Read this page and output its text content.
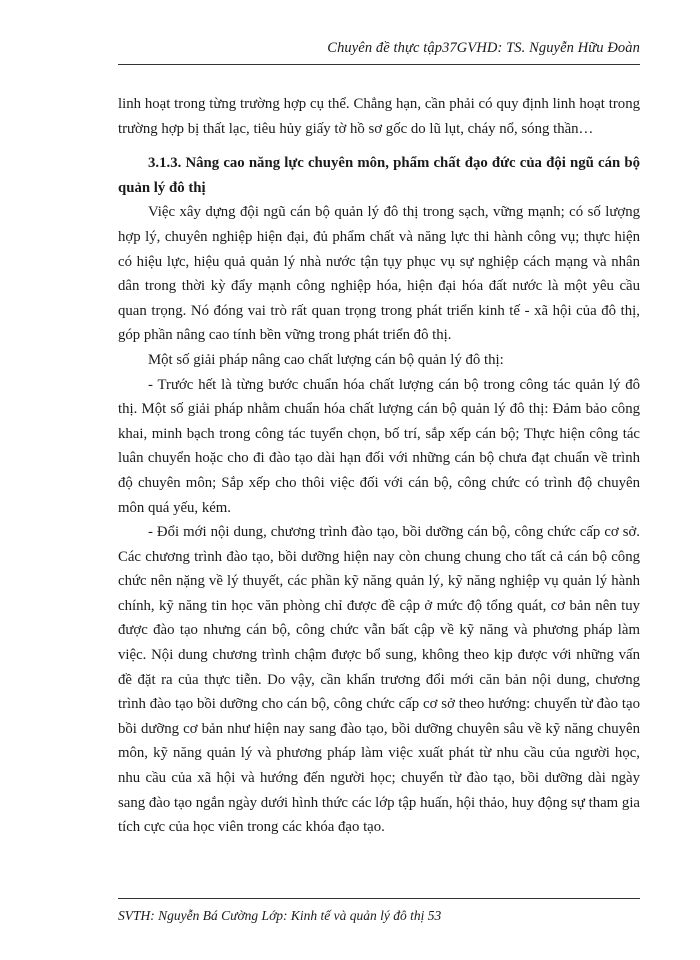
Chuyên đề thực tập37GVHD: TS. Nguyễn Hữu Đoàn

linh hoạt trong từng trường hợp cụ thể. Chẳng hạn, cần phải có quy định linh hoạt trong trường hợp bị thất lạc, tiêu hủy giấy tờ hồ sơ gốc do lũ lụt, cháy nổ, sóng thần…

3.1.3. Nâng cao năng lực chuyên môn, phẩm chất đạo đức của đội ngũ cán bộ quản lý đô thị

Việc xây dựng đội ngũ cán bộ quản lý đô thị trong sạch, vững mạnh; có số lượng hợp lý, chuyên nghiệp hiện đại, đủ phẩm chất và năng lực thi hành công vụ; thực hiện có hiệu lực, hiệu quả quản lý nhà nước tận tụy phục vụ sự nghiệp cách mạng và nhân dân trong thời kỳ đẩy mạnh công nghiệp hóa, hiện đại hóa đất nước là một yêu cầu quan trọng. Nó đóng vai trò rất quan trọng trong phát triển kinh tế - xã hội của đô thị, góp phần nâng cao tính bền vững trong phát triển đô thị.

Một số giải pháp nâng cao chất lượng cán bộ quản lý đô thị:

- Trước hết là từng bước chuẩn hóa chất lượng cán bộ trong công tác quản lý đô thị. Một số giải pháp nhằm chuẩn hóa chất lượng cán bộ quản lý đô thị: Đảm bảo công khai, minh bạch trong công tác tuyển chọn, bố trí, sắp xếp cán bộ; Thực hiện công tác luân chuyển hoặc cho đi đào tạo dài hạn đối với những cán bộ chưa đạt chuẩn về trình độ chuyên môn; Sắp xếp cho thôi việc đối với cán bộ, công chức có trình độ chuyên môn quá yếu, kém.

- Đổi mới nội dung, chương trình đào tạo, bồi dưỡng cán bộ, công chức cấp cơ sở. Các chương trình đào tạo, bồi dưỡng hiện nay còn chung chung cho tất cả cán bộ công chức nên nặng về lý thuyết, các phần kỹ năng quản lý, kỹ năng nghiệp vụ quản lý hành chính, kỹ năng tin học văn phòng chỉ được đề cập ở mức độ tổng quát, cơ bản nên tuy được đào tạo nhưng cán bộ, công chức vẫn bất cập về kỹ năng và phương pháp làm việc. Nội dung chương trình chậm được bổ sung, không theo kịp được với những vấn đề đặt ra của thực tiễn. Do vậy, cần khẩn trương đổi mới căn bản nội dung, chương trình đào tạo bồi dưỡng cho cán bộ, công chức cấp cơ sở theo hướng: chuyển từ đào tạo bồi dưỡng cơ bản như hiện nay sang đào tạo, bồi dưỡng chuyên sâu về kỹ năng chuyên môn, kỹ năng quản lý và phương pháp làm việc xuất phát từ nhu cầu của người học, nhu cầu của xã hội và hướng đến người học; chuyển từ đào tạo, bồi dưỡng dài ngày sang đào tạo ngắn ngày dưới hình thức các lớp tập huấn, hội thảo, huy động sự tham gia tích cực của học viên trong các khóa đạo tạo.

SVTH: Nguyễn Bá Cường Lớp: Kinh tế và quản lý đô thị 53
